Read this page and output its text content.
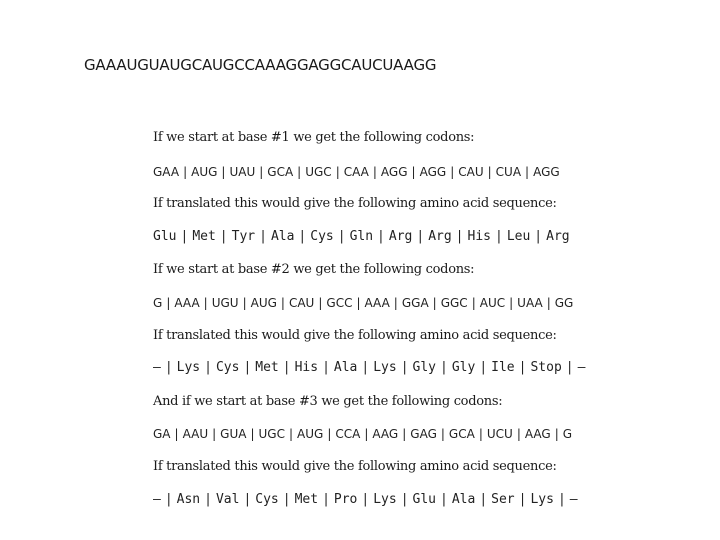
GAAAUGUAUGCAUGCCAAAGGAGGCAUCUAAGG
If we start at base #1 we get the following codons:
GAA | AUG | UAU | GCA | UGC | CAA | AGG | AGG | CAU | CUA | AGG
If translated this would give the following amino acid sequence:
Glu | Met | Tyr | Ala | Cys | Gln | Arg | Arg | His | Leu | Arg
If we start at base #2 we get the following codons:
G | AAA | UGU | AUG | CAU | GCC | AAA | GGA | GGC | AUC | UAA | GG
If translated this would give the following amino acid sequence:
— | Lys | Cys | Met | His | Ala | Lys | Gly | Gly | Ile | Stop | —
And if we start at base #3 we get the following codons:
GA | AAU | GUA | UGC | AUG | CCA | AAG | GAG | GCA | UCU | AAG | G
If translated this would give the following amino acid sequence:
— | Asn | Val | Cys | Met | Pro | Lys | Glu | Ala | Ser | Lys | —
